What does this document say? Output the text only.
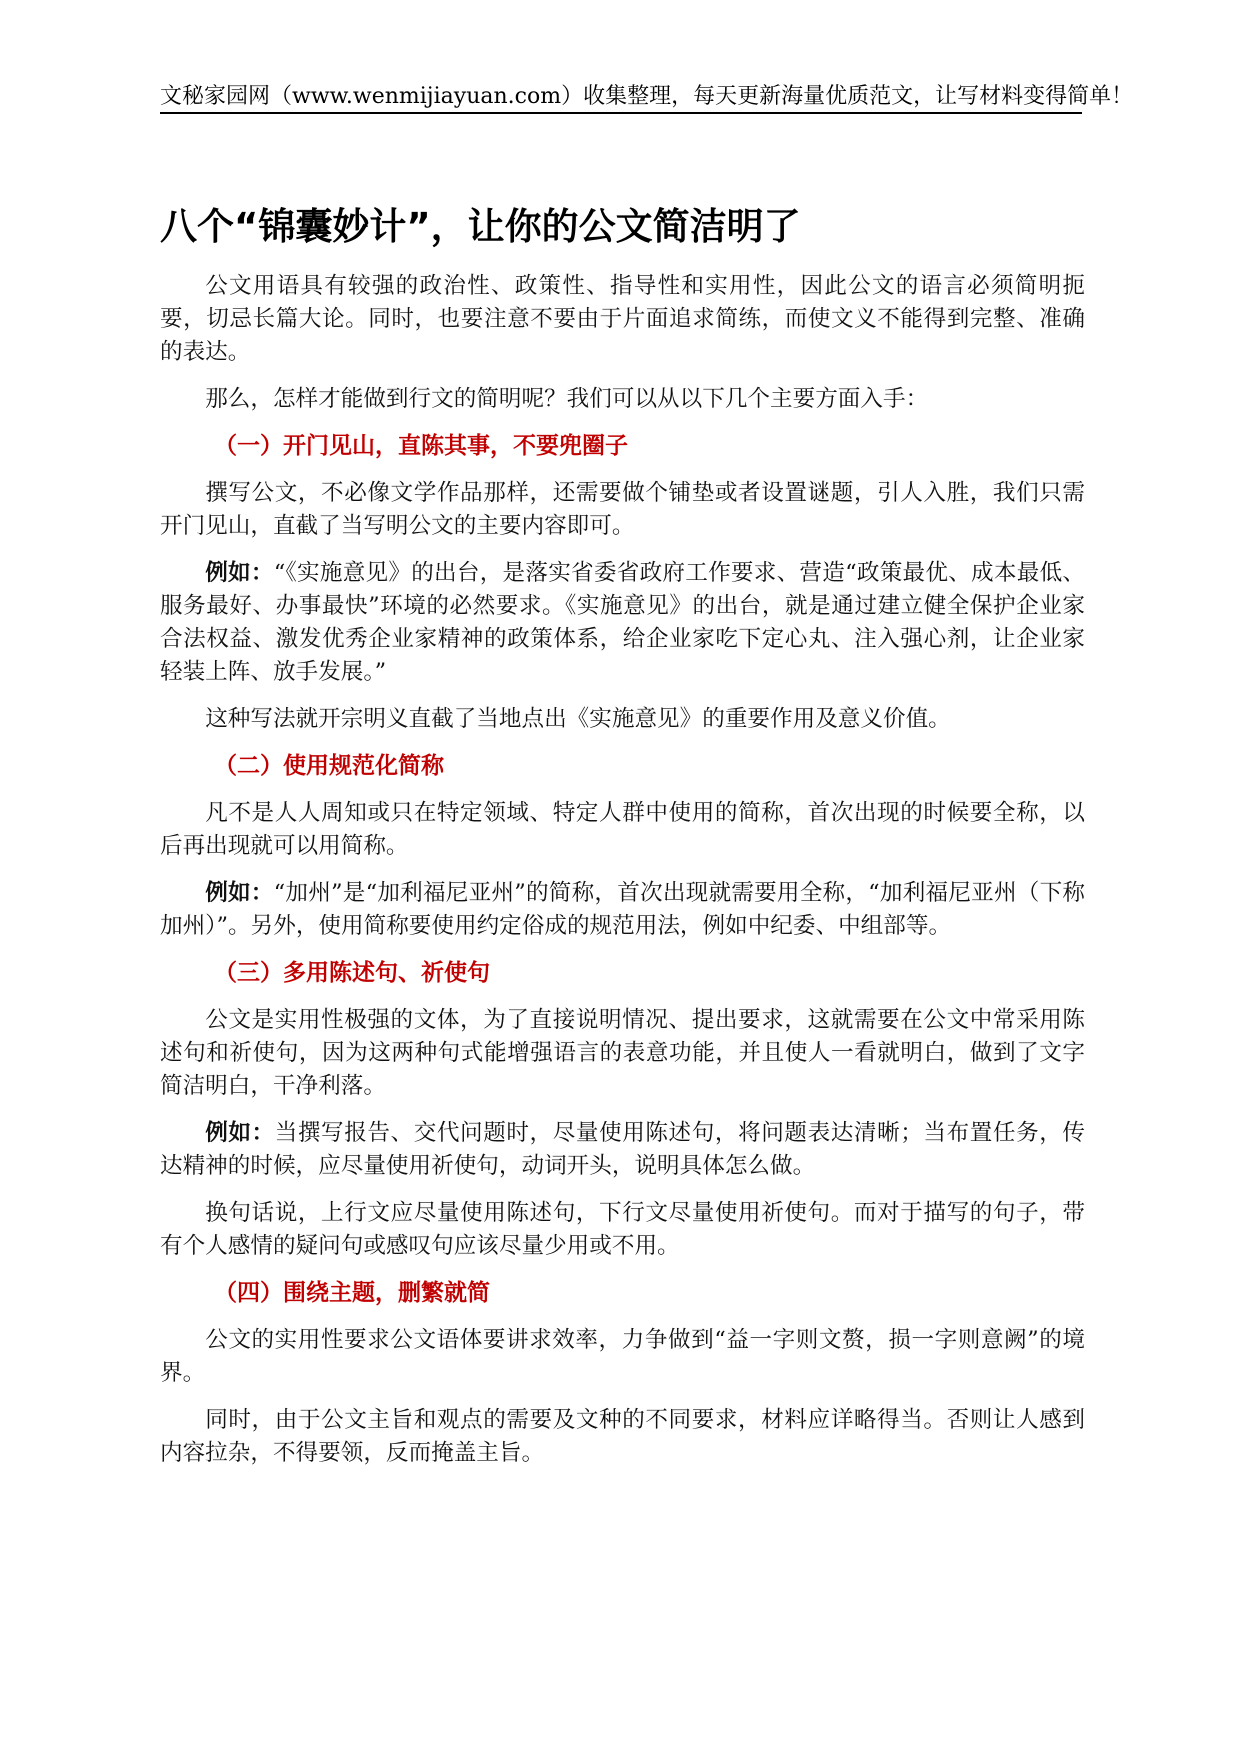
文秘家园网（www.wenmijiayuan.com）收集整理，每天更新海量优质范文，让写材料变得简单！
八个“锦囊妙计”，让你的公文简洁明了

公文用语具有较强的政治性、政策性、指导性和实用性，因此公文的语言必须简明扼要，切忌长篇大论。同时，也要注意不要由于片面追求简练，而使文义不能得到完整、准确的表达。

那么，怎样才能做到行文的简明呢？我们可以从以下几个主要方面入手：

（一）开门见山，直陈其事，不要兜圈子

撰写公文，不必像文学作品那样，还需要做个铺垫或者设置谜题，引人入胜，我们只需开门见山，直截了当写明公文的主要内容即可。

例如：“《实施意见》的出台，是落实省委省政府工作要求、营造“政策最优、成本最低、服务最好、办事最快”环境的必然要求。《实施意见》的出台，就是通过建立健全保护企业家合法权益、激发优秀企业家精神的政策体系，给企业家吃下定心丸、注入强心剂，让企业家轻装上阵、放手发展。”

这种写法就开宗明义直截了当地点出《实施意见》的重要作用及意义价值。

（二）使用规范化简称

凡不是人人周知或只在特定领域、特定人群中使用的简称，首次出现的时候要全称，以后再出现就可以用简称。

例如：“加州”是“加利福尼亚州”的简称，首次出现就需要用全称，“加利福尼亚州（下称加州）”。另外，使用简称要使用约定俗成的规范用法，例如中纪委、中组部等。

（三）多用陈述句、祈使句

公文是实用性极强的文体，为了直接说明情况、提出要求，这就需要在公文中常采用陈述句和祈使句，因为这两种句式能增强语言的表意功能，并且使人一看就明白，做到了文字简洁明白，干净利落。

例如：当撰写报告、交代问题时，尽量使用陈述句，将问题表达清晰；当布置任务，传达精神的时候，应尽量使用祈使句，动词开头，说明具体怎么做。

换句话说，上行文应尽量使用陈述句，下行文尽量使用祈使句。而对于描写的句子，带有个人感情的疑问句或感叹句应该尽量少用或不用。

（四）围绕主题，删繁就简

公文的实用性要求公文语体要讲求效率，力争做到“益一字则文赘，损一字则意阙”的境界。

同时，由于公文主旨和观点的需要及文种的不同要求，材料应详略得当。否则让人感到内容拉杂，不得要领，反而掩盖主旨。
